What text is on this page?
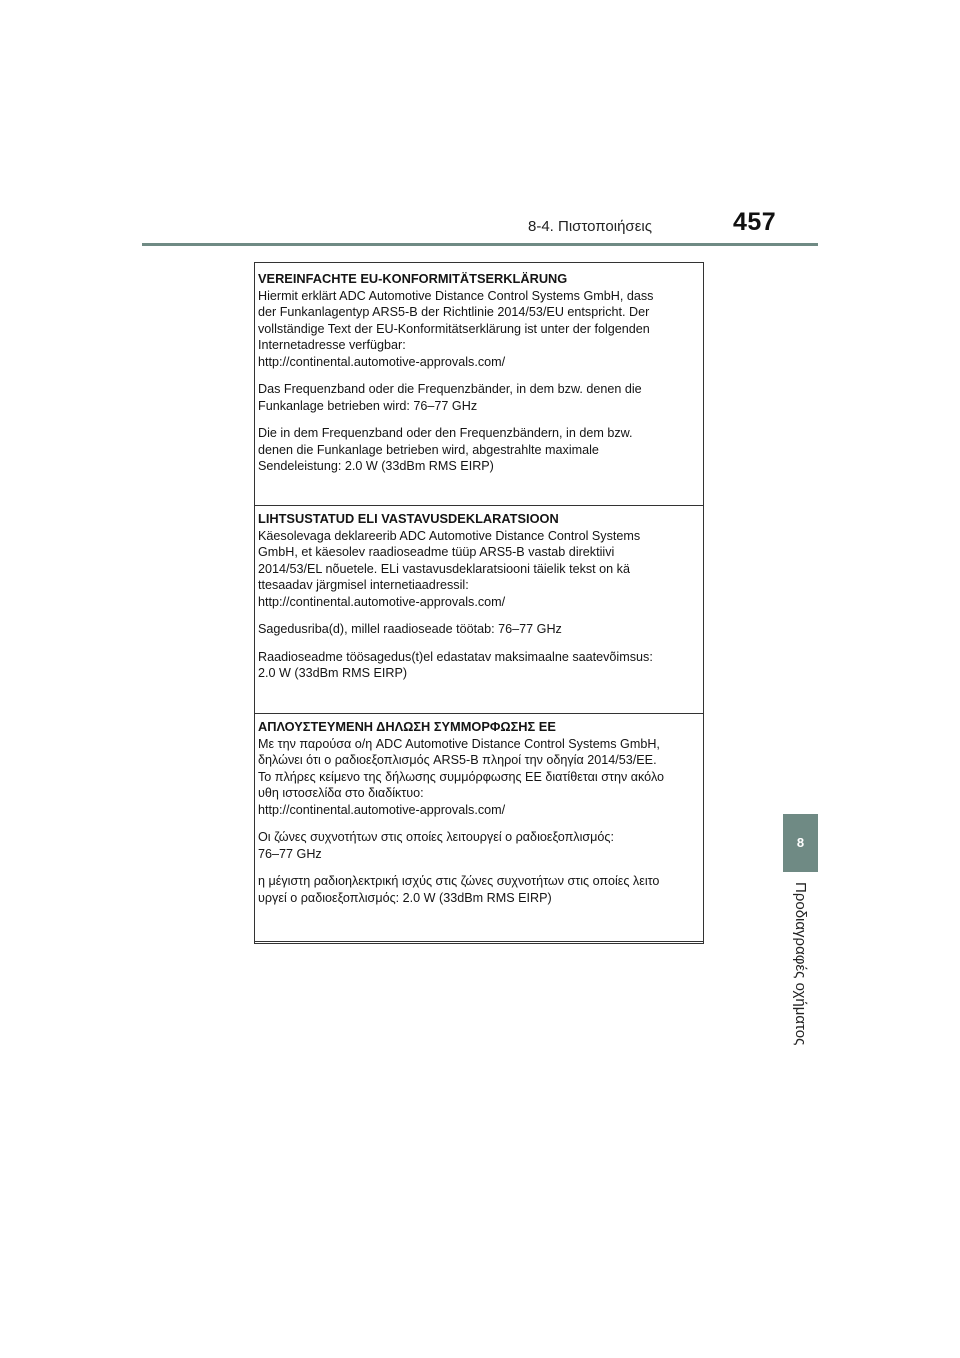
8-4. Πιστοποιήσεις	457
8
Προδιαγραφές οχήματος
VEREINFACHTE EU-KONFORMITÄTSERKLÄRUNG
Hiermit erklärt ADC Automotive Distance Control Systems GmbH, dass
der Funkanlagentyp ARS5-B der Richtlinie 2014/53/EU entspricht. Der
vollständige Text der EU-Konformitätserklärung ist unter der folgenden
Internetadresse verfügbar:
http://continental.automotive-approvals.com/
Das Frequenzband oder die Frequenzbänder, in dem bzw. denen die
Funkanlage betrieben wird: 76–77 GHz
Die in dem Frequenzband oder den Frequenzbändern, in dem bzw.
denen die Funkanlage betrieben wird, abgestrahlte maximale
Sendeleistung: 2.0 W (33dBm RMS EIRP)
LIHTSUSTATUD ELI VASTAVUSDEKLARATSIOON
Käesolevaga deklareerib ADC Automotive Distance Control Systems
GmbH, et käesolev raadioseadme tüüp ARS5-B vastab direktiivi
2014/53/EL nõuetele. ELi vastavusdeklaratsiooni täielik tekst on kä
ttesaadav järgmisel internetiaadressil:
http://continental.automotive-approvals.com/
Sagedusriba(d), millel raadioseade töötab: 76–77 GHz
Raadioseadme töösagedus(t)el edastatav maksimaalne saatevõimsus:
2.0 W (33dBm RMS EIRP)
ΑΠΛΟΥΣΤΕΥΜΕΝΗ ΔΗΛΩΣΗ ΣΥΜΜΟΡΦΩΣΗΣ ΕΕ
Με την παρούσα ο/η ADC Automotive Distance Control Systems GmbH,
δηλώνει ότι ο ραδιοεξοπλισμός ARS5-B πληροί την οδηγία 2014/53/ΕΕ.
Το πλήρες κείμενο της δήλωσης συμμόρφωσης ΕΕ διατίθεται στην ακόλο
υθη ιστοσελίδα στο διαδίκτυο:
http://continental.automotive-approvals.com/
Οι ζώνες συχνοτήτων στις οποίες λειτουργεί ο ραδιοεξοπλισμός:
76–77 GHz
η μέγιστη ραδιοηλεκτρική ισχύς στις ζώνες συχνοτήτων στις οποίες λειτο
υργεί ο ραδιοεξοπλισμός: 2.0 W (33dBm RMS EIRP)
